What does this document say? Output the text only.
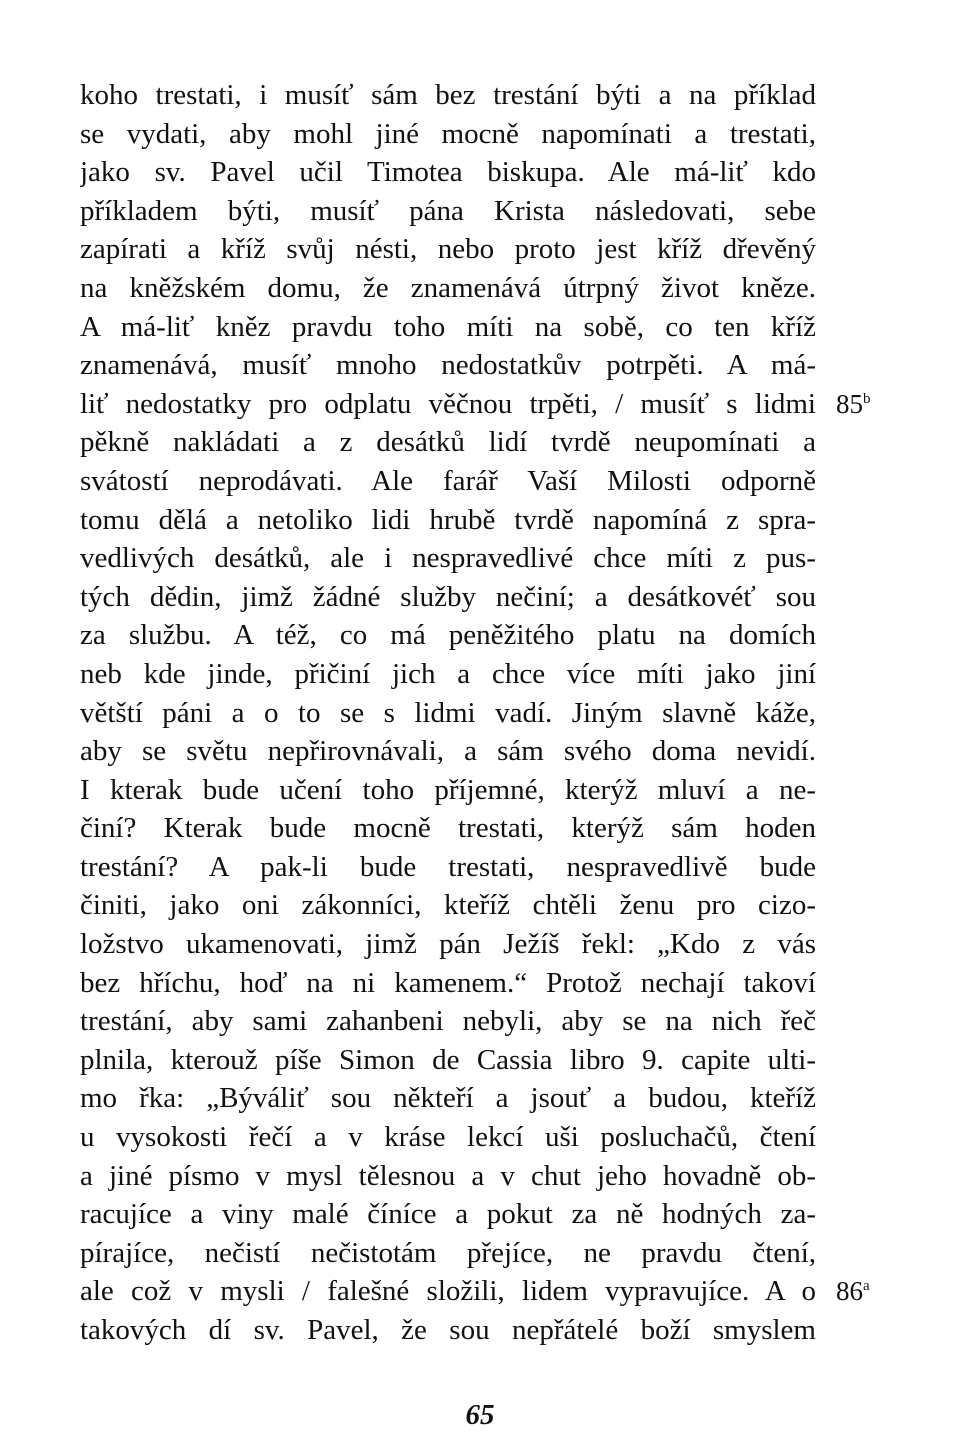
koho trestati, i musíť sám bez trestání býti a na příklad
se vydati, aby mohl jiné mocně napomínati a trestati,
jako sv. Pavel učil Timotea biskupa. Ale má-liť kdo
příkladem býti, musíť pána Krista následovati, sebe
zapírati a kříž svůj nésti, nebo proto jest kříž dřevěný
na kněžském domu, že znamenává útrpný život kněze.
A má-liť kněz pravdu toho míti na sobě, co ten kříž
znamenává, musíť mnoho nedostatkův potrpěti. A má-
liť nedostatky pro odplatu věčnou trpěti, / musíť s lidmi
pěkně nakládati a z desátků lidí tvrdě neupomínati a
svátostí neprodávati. Ale farář Vaší Milosti odporně
tomu dělá a netoliko lidi hrubě tvrdě napomíná z spra-
vedlivých desátků, ale i nespravedlivé chce míti z pus-
tých dědin, jimž žádné služby nečiní; a desátkovéť sou
za službu. A též, co má peněžitého platu na domích
neb kde jinde, přičiní jich a chce více míti jako jiní
větští páni a o to se s lidmi vadí. Jiným slavně káže,
aby se světu nepřirovnávali, a sám svého doma nevidí.
I kterak bude učení toho příjemné, kterýž mluví a ne-
činí? Kterak bude mocně trestati, kterýž sám hoden
trestání? A pak-li bude trestati, nespravedlivě bude
činiti, jako oni zákonníci, kteříž chtěli ženu pro cizo-
ložstvo ukamenovati, jimž pán Ježíš řekl: „Kdo z vás
bez hříchu, hoď na ni kamenem.“ Protož nechají takoví
trestání, aby sami zahanbeni nebyli, aby se na nich řeč
plnila, kterouž píše Simon de Cassia libro 9. capite ulti-
mo řka: „Býváliť sou někteří a jsouť a budou, kteříž
u vysokosti řečí a v kráse lekcí uši posluchačů, čtení
a jiné písmo v mysl tělesnou a v chut jeho hovadně ob-
racujíce a viny malé číníce a pokut za ně hodných za-
pírajíce, nečistí nečistotám přejíce, ne pravdu čtení,
ale což v mysli / falešné složili, lidem vypravujíce. A o
takových dí sv. Pavel, že sou nepřátelé boží smyslem
85$^b$
86$^a$
65
